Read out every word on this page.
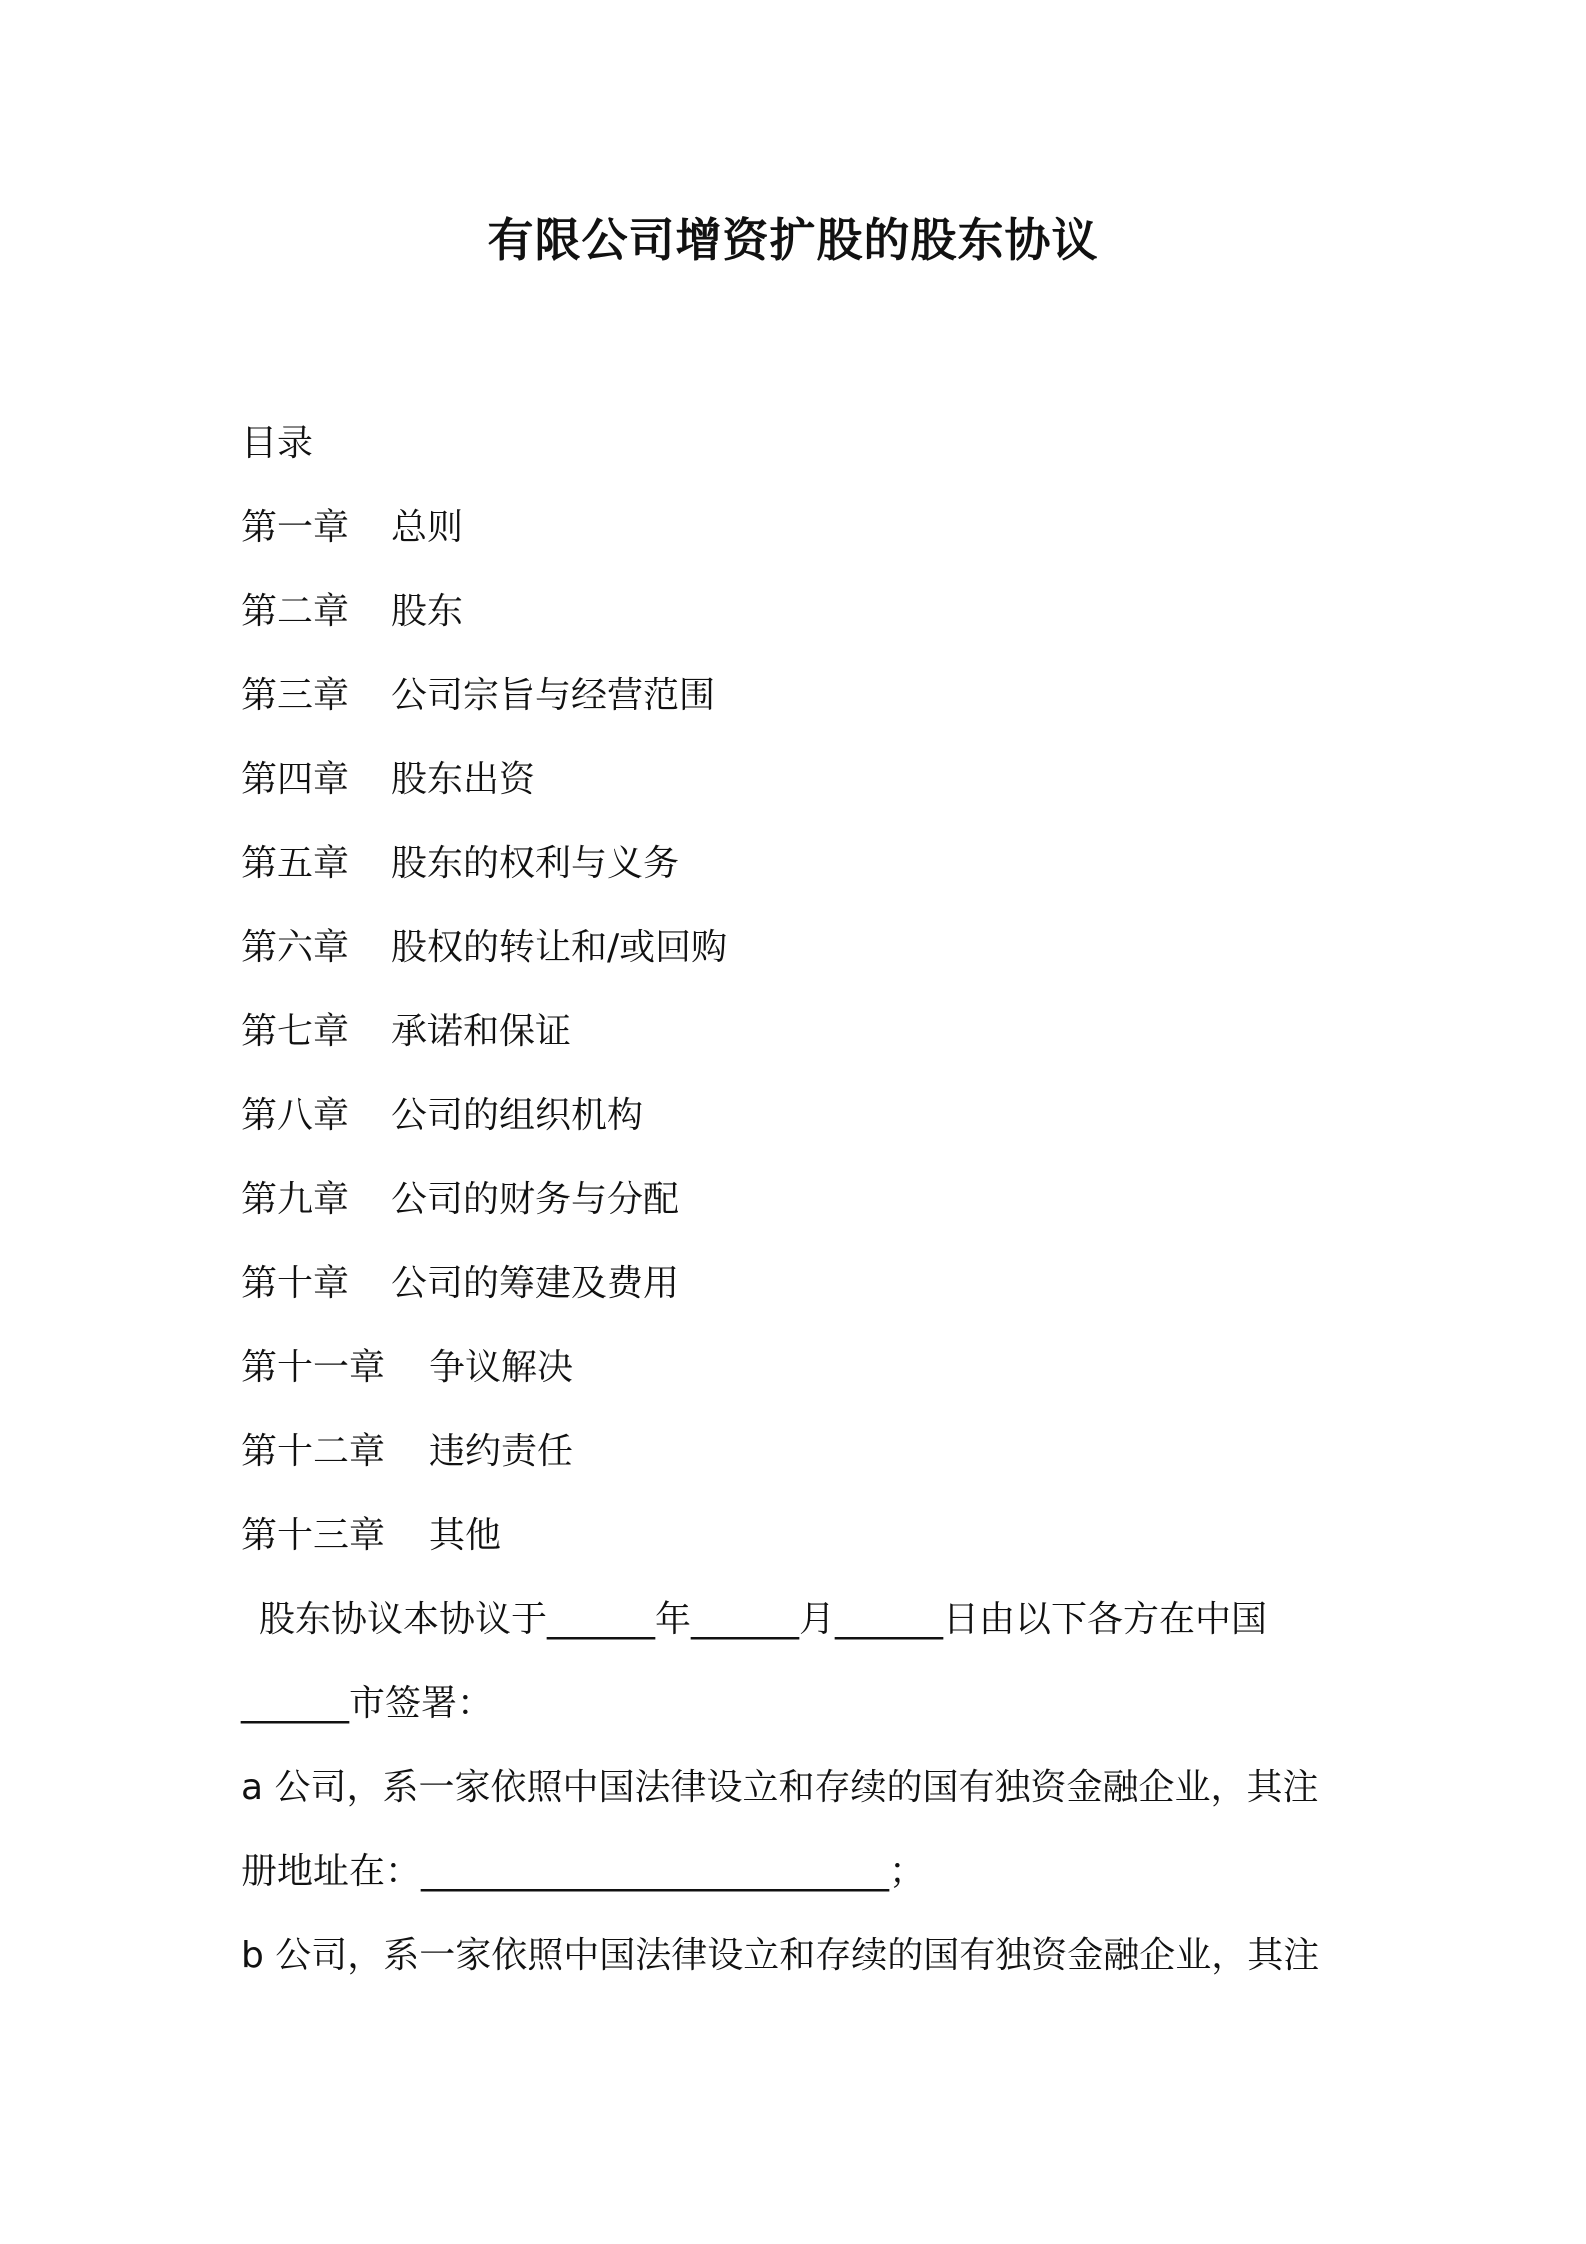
有限公司增资扩股的股东协议
目录
第一章 总则
第二章 股东
第三章 公司宗旨与经营范围
第四章 股东出资
第五章 股东的权利与义务
第六章 股权的转让和/或回购
第七章 承诺和保证
第八章 公司的组织机构
第九章 公司的财务与分配
第十章 公司的筹建及费用
第十一章 争议解决
第十二章 违约责任
第十三章 其他
股东协议本协议于______年______月______日由以下各方在中国
______市签署：
a 公司，系一家依照中国法律设立和存续的国有独资金融企业，其注
册地址在：__________________________；
b 公司，系一家依照中国法律设立和存续的国有独资金融企业，其注
